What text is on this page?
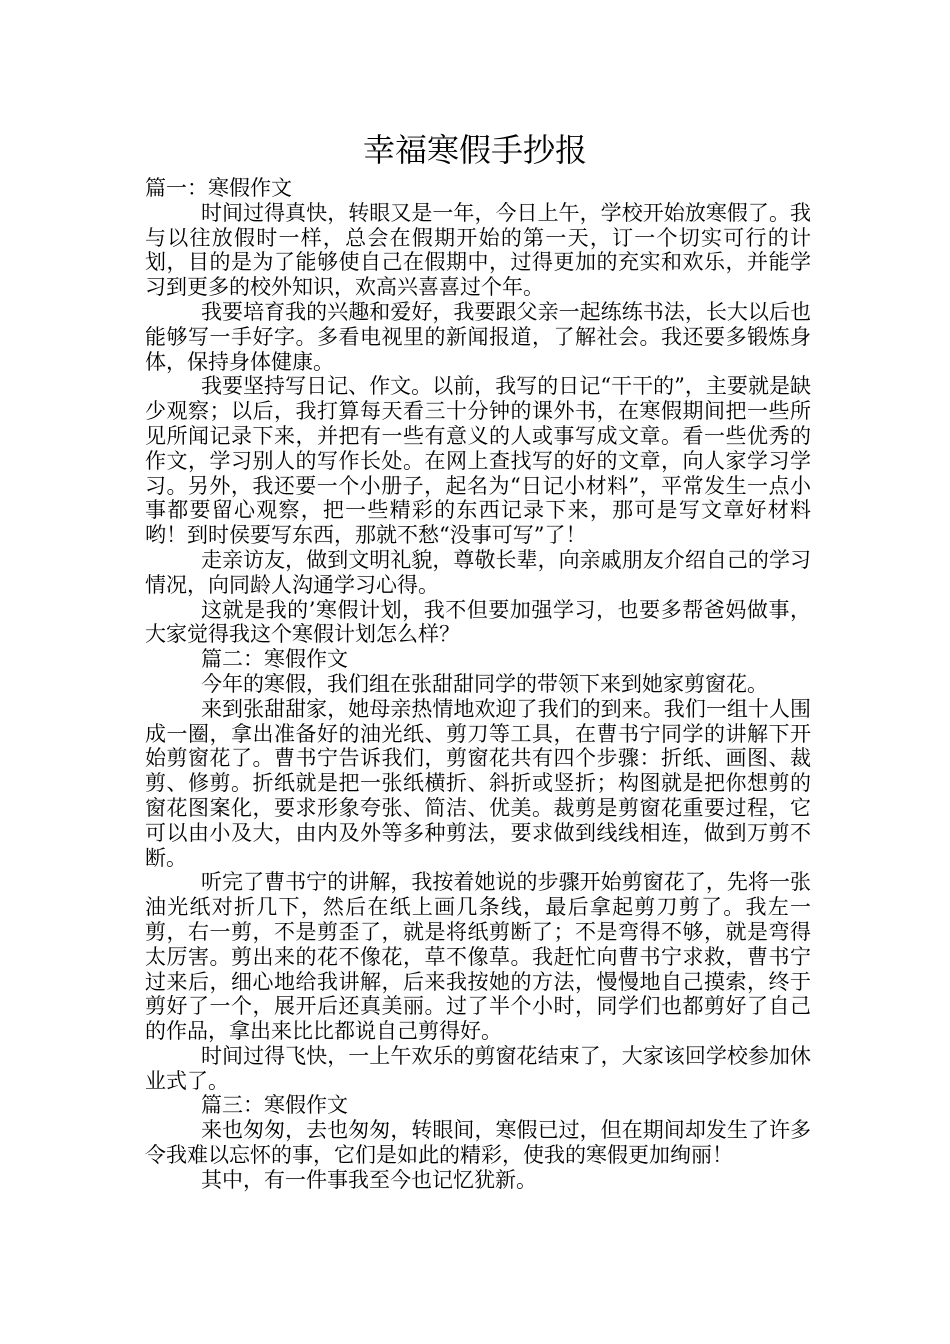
幸福寒假手抄报

篇一：寒假作文

时间过得真快，转眼又是一年，今日上午，学校开始放寒假了。我与以往放假时一样，总会在假期开始的第一天，订一个切实可行的计划，目的是为了能够使自己在假期中，过得更加的充实和欢乐，并能学习到更多的校外知识，欢高兴喜喜过个年。

我要培育我的兴趣和爱好，我要跟父亲一起练练书法，长大以后也能够写一手好字。多看电视里的新闻报道，了解社会。我还要多锻炼身体，保持身体健康。

我要坚持写日记、作文。以前，我写的日记“干干的”，主要就是缺少观察；以后，我打算每天看三十分钟的课外书，在寒假期间把一些所见所闻记录下来，并把有一些有意义的人或事写成文章。看一些优秀的作文，学习别人的写作长处。在网上查找写的好的文章，向人家学习学习。另外，我还要一个小册子，起名为“日记小材料”，平常发生一点小事都要留心观察，把一些精彩的东西记录下来，那可是写文章好材料哟！到时侯要写东西，那就不愁“没事可写”了！

走亲访友，做到文明礼貌，尊敬长辈，向亲戚朋友介绍自己的学习情况，向同龄人沟通学习心得。

这就是我的’寒假计划，我不但要加强学习，也要多帮爸妈做事，大家觉得我这个寒假计划怎么样？

篇二：寒假作文

今年的寒假，我们组在张甜甜同学的带领下来到她家剪窗花。

来到张甜甜家，她母亲热情地欢迎了我们的到来。我们一组十人围成一圈，拿出准备好的油光纸、剪刀等工具，在曹书宁同学的讲解下开始剪窗花了。曹书宁告诉我们，剪窗花共有四个步骤：折纸、画图、裁剪、修剪。折纸就是把一张纸横折、斜折或竖折；构图就是把你想剪的窗花图案化，要求形象夸张、简洁、优美。裁剪是剪窗花重要过程，它可以由小及大，由内及外等多种剪法，要求做到线线相连，做到万剪不断。

听完了曹书宁的讲解，我按着她说的步骤开始剪窗花了，先将一张油光纸对折几下，然后在纸上画几条线，最后拿起剪刀剪了。我左一剪，右一剪，不是剪歪了，就是将纸剪断了；不是弯得不够，就是弯得太厉害。剪出来的花不像花，草不像草。我赶忙向曹书宁求救，曹书宁过来后，细心地给我讲解，后来我按她的方法，慢慢地自己摸索，终于剪好了一个，展开后还真美丽。过了半个小时，同学们也都剪好了自己的作品，拿出来比比都说自己剪得好。

时间过得飞快，一上午欢乐的剪窗花结束了，大家该回学校参加休业式了。

篇三：寒假作文

来也匆匆，去也匆匆，转眼间，寒假已过，但在期间却发生了许多令我难以忘怀的事，它们是如此的精彩，使我的寒假更加绚丽！

其中，有一件事我至今也记忆犹新。
